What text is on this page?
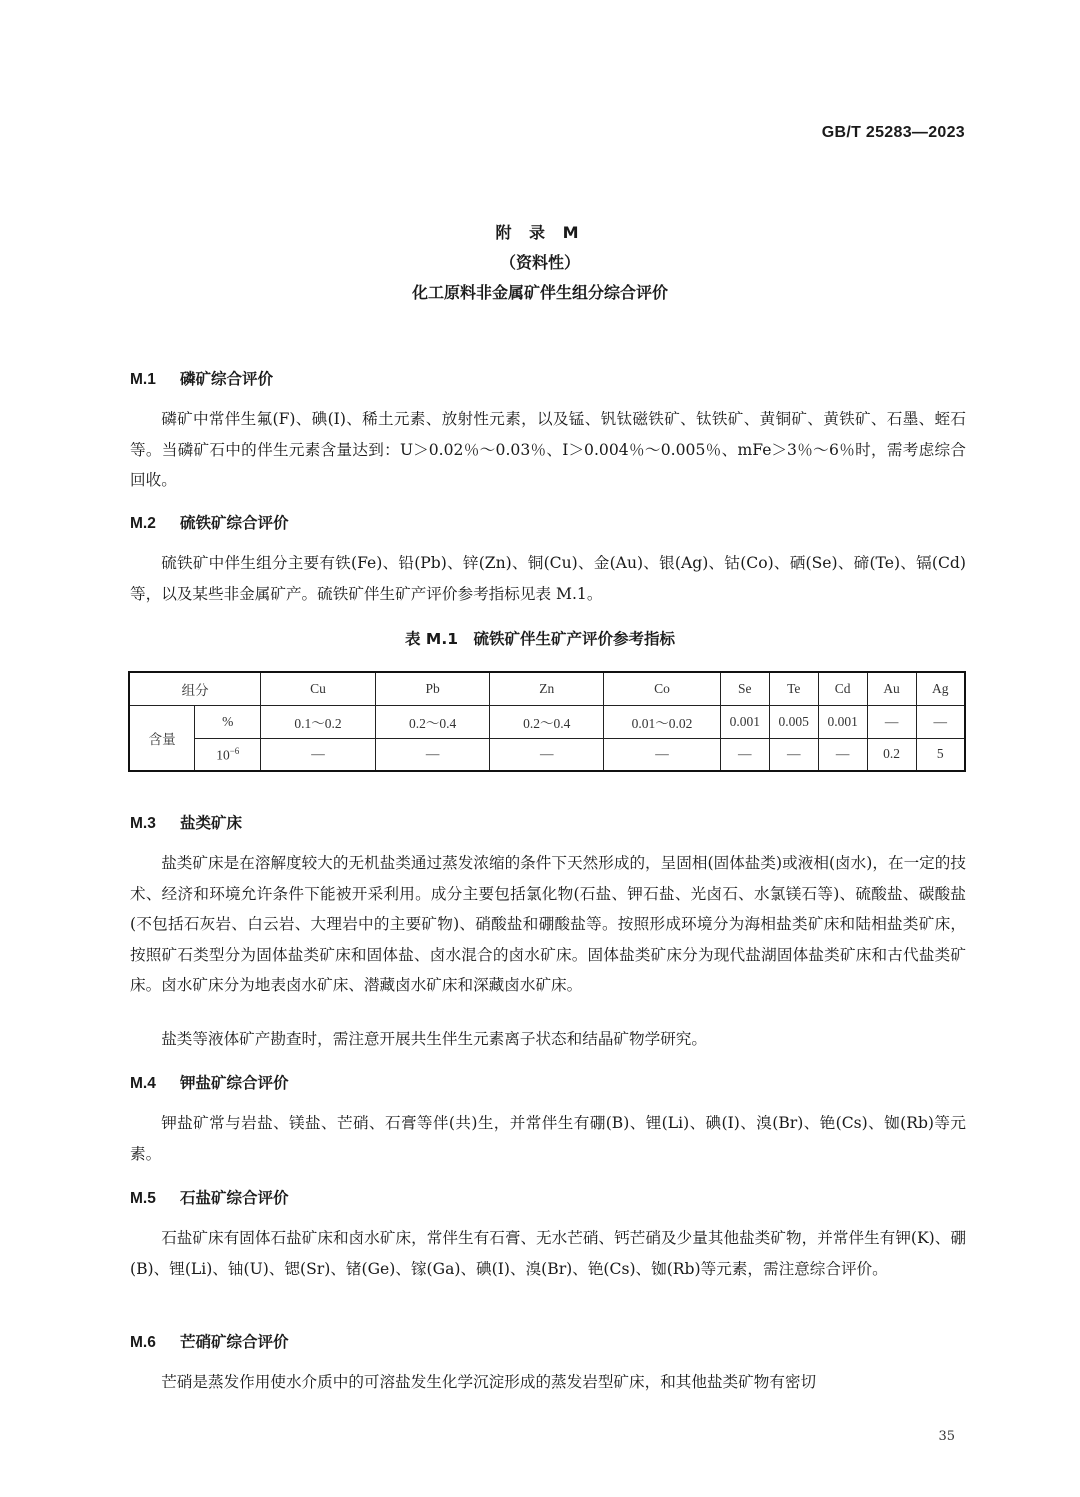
GB/T 25283—2023
附 录 M
（资料性）
化工原料非金属矿伴生组分综合评价
M.1 磷矿综合评价

磷矿中常伴生氟(F)、碘(I)、稀土元素、放射性元素，以及锰、钒钛磁铁矿、钛铁矿、黄铜矿、黄铁矿、石墨、蛭石等。当磷矿石中的伴生元素含量达到：U＞0.02％～0.03％、I＞0.004％～0.005％、mFe＞3％～6％时，需考虑综合回收。

M.2 硫铁矿综合评价

硫铁矿中伴生组分主要有铁(Fe)、铅(Pb)、锌(Zn)、铜(Cu)、金(Au)、银(Ag)、钴(Co)、硒(Se)、碲(Te)、镉(Cd)等，以及某些非金属矿产。硫铁矿伴生矿产评价参考指标见表 M.1。

表 M.1　硫铁矿伴生矿产评价参考指标
组分		Cu	Pb	Zn	Co	Se	Te	Cd	Au	Ag
含量	%	0.1～0.2	0.2～0.4	0.2～0.4	0.01～0.02	0.001	0.005	0.001	—	—
	$10^{-6}$	—	—	—	—	—	—	—	0.2	5
M.3 盐类矿床

盐类矿床是在溶解度较大的无机盐类通过蒸发浓缩的条件下天然形成的，呈固相(固体盐类)或液相(卤水)，在一定的技术、经济和环境允许条件下能被开采利用。成分主要包括氯化物(石盐、钾石盐、光卤石、水氯镁石等)、硫酸盐、碳酸盐(不包括石灰岩、白云岩、大理岩中的主要矿物)、硝酸盐和硼酸盐等。按照形成环境分为海相盐类矿床和陆相盐类矿床，按照矿石类型分为固体盐类矿床和固体盐、卤水混合的卤水矿床。固体盐类矿床分为现代盐湖固体盐类矿床和古代盐类矿床。卤水矿床分为地表卤水矿床、潜藏卤水矿床和深藏卤水矿床。

盐类等液体矿产勘查时，需注意开展共生伴生元素离子状态和结晶矿物学研究。

M.4 钾盐矿综合评价

钾盐矿常与岩盐、镁盐、芒硝、石膏等伴(共)生，并常伴生有硼(B)、锂(Li)、碘(I)、溴(Br)、铯(Cs)、铷(Rb)等元素。

M.5 石盐矿综合评价

石盐矿床有固体石盐矿床和卤水矿床，常伴生有石膏、无水芒硝、钙芒硝及少量其他盐类矿物，并常伴生有钾(K)、硼(B)、锂(Li)、铀(U)、锶(Sr)、锗(Ge)、镓(Ga)、碘(I)、溴(Br)、铯(Cs)、铷(Rb)等元素，需注意综合评价。

M.6 芒硝矿综合评价

芒硝是蒸发作用使水介质中的可溶盐发生化学沉淀形成的蒸发岩型矿床，和其他盐类矿物有密切

35
